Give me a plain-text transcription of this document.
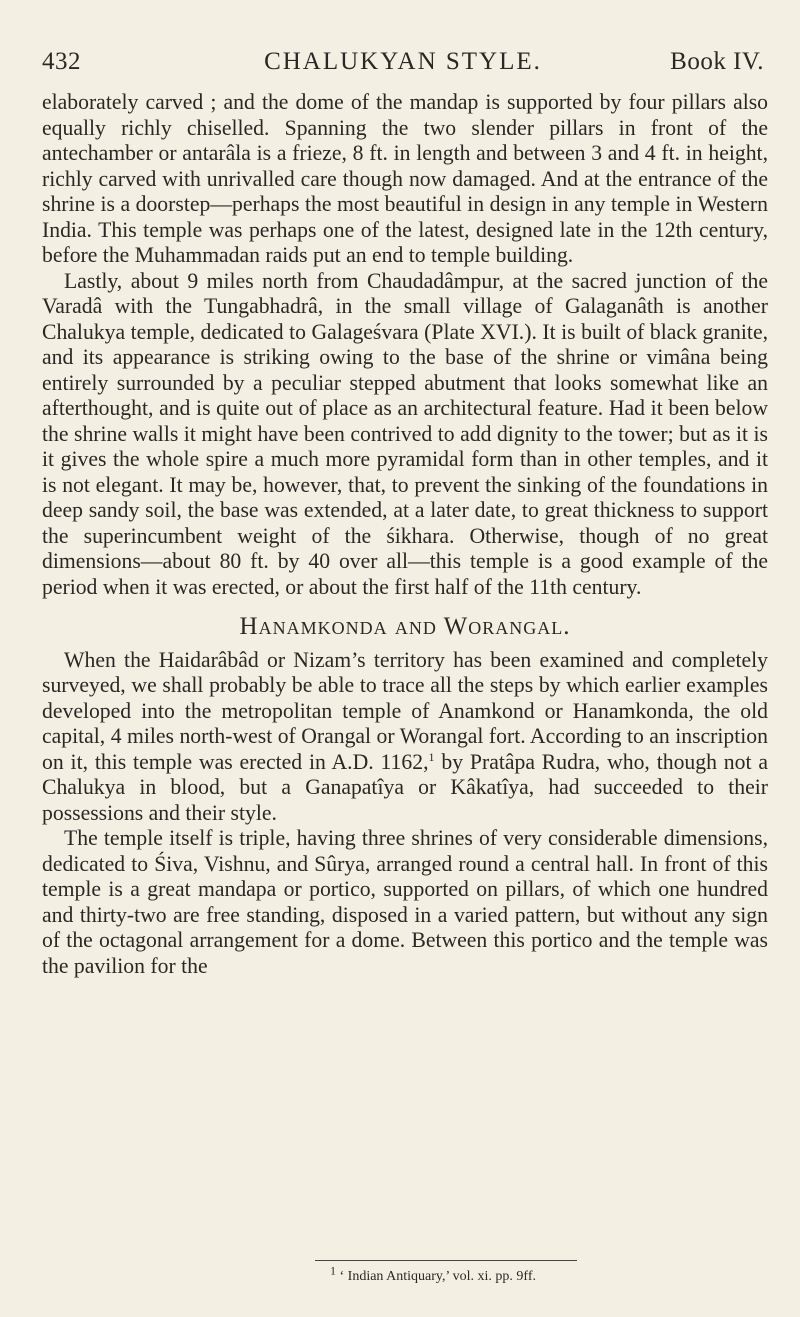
432	CHALUKYAN STYLE.	Book IV.

elaborately carved ; and the dome of the mandap is supported by four pillars also equally richly chiselled. Spanning the two slender pillars in front of the antechamber or antarâla is a frieze, 8 ft. in length and between 3 and 4 ft. in height, richly carved with unrivalled care though now damaged. And at the entrance of the shrine is a doorstep—perhaps the most beautiful in design in any temple in Western India. This temple was perhaps one of the latest, designed late in the 12th century, before the Muhammadan raids put an end to temple building.

Lastly, about 9 miles north from Chaudadâmpur, at the sacred junction of the Varadâ with the Tungabhadrâ, in the small village of Galaganâth is another Chalukya temple, dedicated to Galageśvara (Plate XVI.). It is built of black granite, and its appearance is striking owing to the base of the shrine or vimâna being entirely surrounded by a peculiar stepped abutment that looks somewhat like an afterthought, and is quite out of place as an architectural feature. Had it been below the shrine walls it might have been contrived to add dignity to the tower; but as it is it gives the whole spire a much more pyramidal form than in other temples, and it is not elegant. It may be, however, that, to prevent the sinking of the foundations in deep sandy soil, the base was extended, at a later date, to great thickness to support the superincumbent weight of the śikhara. Otherwise, though of no great dimensions—about 80 ft. by 40 over all—this temple is a good example of the period when it was erected, or about the first half of the 11th century.

Hanamkonda and Worangal.

When the Haidarâbâd or Nizam’s territory has been examined and completely surveyed, we shall probably be able to trace all the steps by which earlier examples developed into the metropolitan temple of Anamkond or Hanamkonda, the old capital, 4 miles north-west of Orangal or Worangal fort. According to an inscription on it, this temple was erected in A.D. 1162,$^1$ by Pratâpa Rudra, who, though not a Chalukya in blood, but a Ganapatîya or Kâkatîya, had succeeded to their possessions and their style.

The temple itself is triple, having three shrines of very considerable dimensions, dedicated to Śiva, Vishnu, and Sûrya, arranged round a central hall. In front of this temple is a great mandapa or portico, supported on pillars, of which one hundred and thirty-two are free standing, disposed in a varied pattern, but without any sign of the octagonal arrangement for a dome. Between this portico and the temple was the pavilion for the

$^1$ ‘ Indian Antiquary,’ vol. xi. pp. 9ff.
